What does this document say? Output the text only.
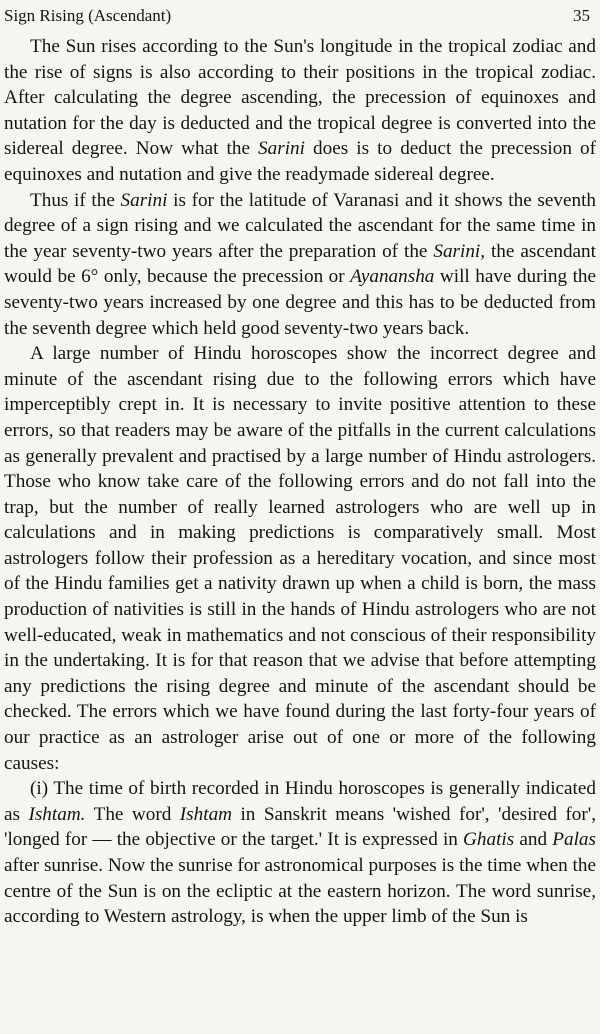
Sign Rising (Ascendant)	35

The Sun rises according to the Sun's longitude in the tropical zodiac and the rise of signs is also according to their positions in the tropical zodiac. After calculating the degree ascending, the precession of equinoxes and nutation for the day is deducted and the tropical degree is converted into the sidereal degree. Now what the Sarini does is to deduct the precession of equinoxes and nutation and give the readymade sidereal degree.

Thus if the Sarini is for the latitude of Varanasi and it shows the seventh degree of a sign rising and we calculated the ascendant for the same time in the year seventy-two years after the preparation of the Sarini, the ascendant would be 6° only, because the precession or Ayanansha will have during the seventy-two years increased by one degree and this has to be deducted from the seventh degree which held good seventy-two years back.

A large number of Hindu horoscopes show the incorrect degree and minute of the ascendant rising due to the following errors which have imperceptibly crept in. It is necessary to invite positive attention to these errors, so that readers may be aware of the pitfalls in the current calculations as generally prevalent and practised by a large number of Hindu astrologers. Those who know take care of the following errors and do not fall into the trap, but the number of really learned astrologers who are well up in calculations and in making predictions is comparatively small. Most astrologers follow their profession as a hereditary vocation, and since most of the Hindu families get a nativity drawn up when a child is born, the mass production of nativities is still in the hands of Hindu astrologers who are not well-educated, weak in mathematics and not conscious of their responsibility in the undertaking. It is for that reason that we advise that before attempting any predictions the rising degree and minute of the ascendant should be checked. The errors which we have found during the last forty-four years of our practice as an astrologer arise out of one or more of the following causes:

(i) The time of birth recorded in Hindu horoscopes is generally indicated as Ishtam. The word Ishtam in Sanskrit means 'wished for', 'desired for', 'longed for — the objective or the target.' It is expressed in Ghatis and Palas after sunrise. Now the sunrise for astronomical purposes is the time when the centre of the Sun is on the ecliptic at the eastern horizon. The word sunrise, according to Western astrology, is when the upper limb of the Sun is
